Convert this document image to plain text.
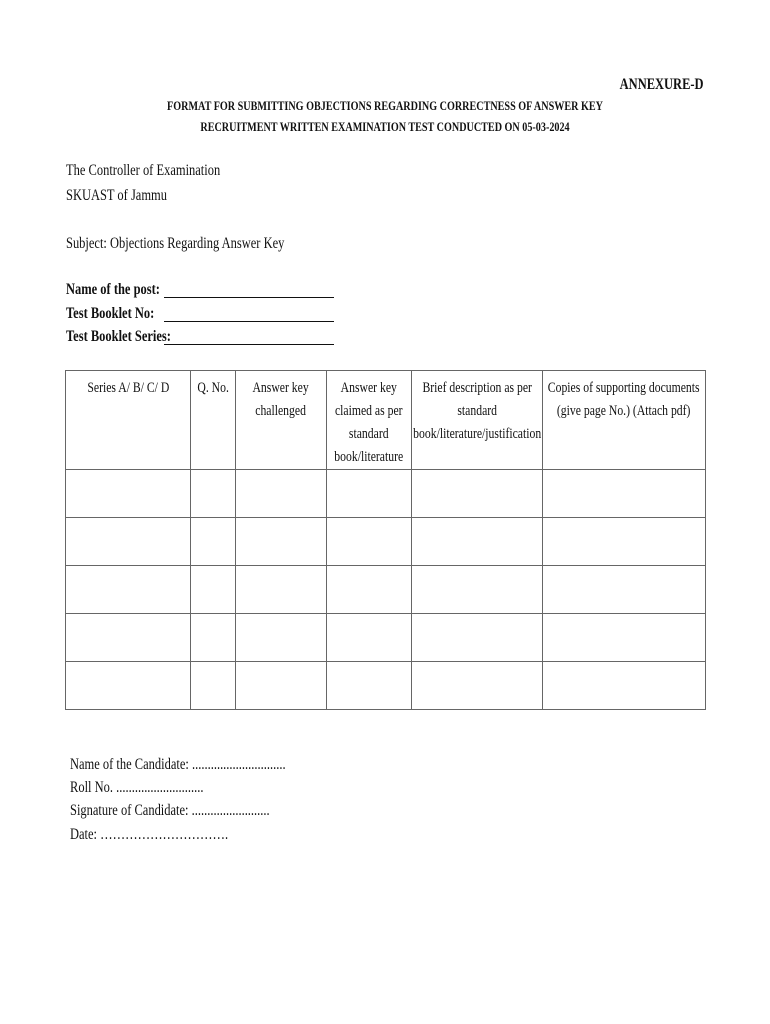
ANNEXURE-D
FORMAT FOR SUBMITTING OBJECTIONS REGARDING CORRECTNESS OF ANSWER KEY
RECRUITMENT WRITTEN EXAMINATION TEST CONDUCTED ON 05-03-2024
The Controller of Examination
SKUAST of Jammu
Subject: Objections Regarding Answer Key
Name of the post:
Test Booklet No:
Test Booklet Series:
Series A/ B/ C/ D	Q. No.	Answer key challenged	Answer key claimed as per standard book/literature	Brief description as per standard book/literature/justification	Copies of supporting documents (give page No.) (Attach pdf)

Name of the Candidate: ..............................
Roll No. ............................
Signature of Candidate: .........................
Date: ………………………….
